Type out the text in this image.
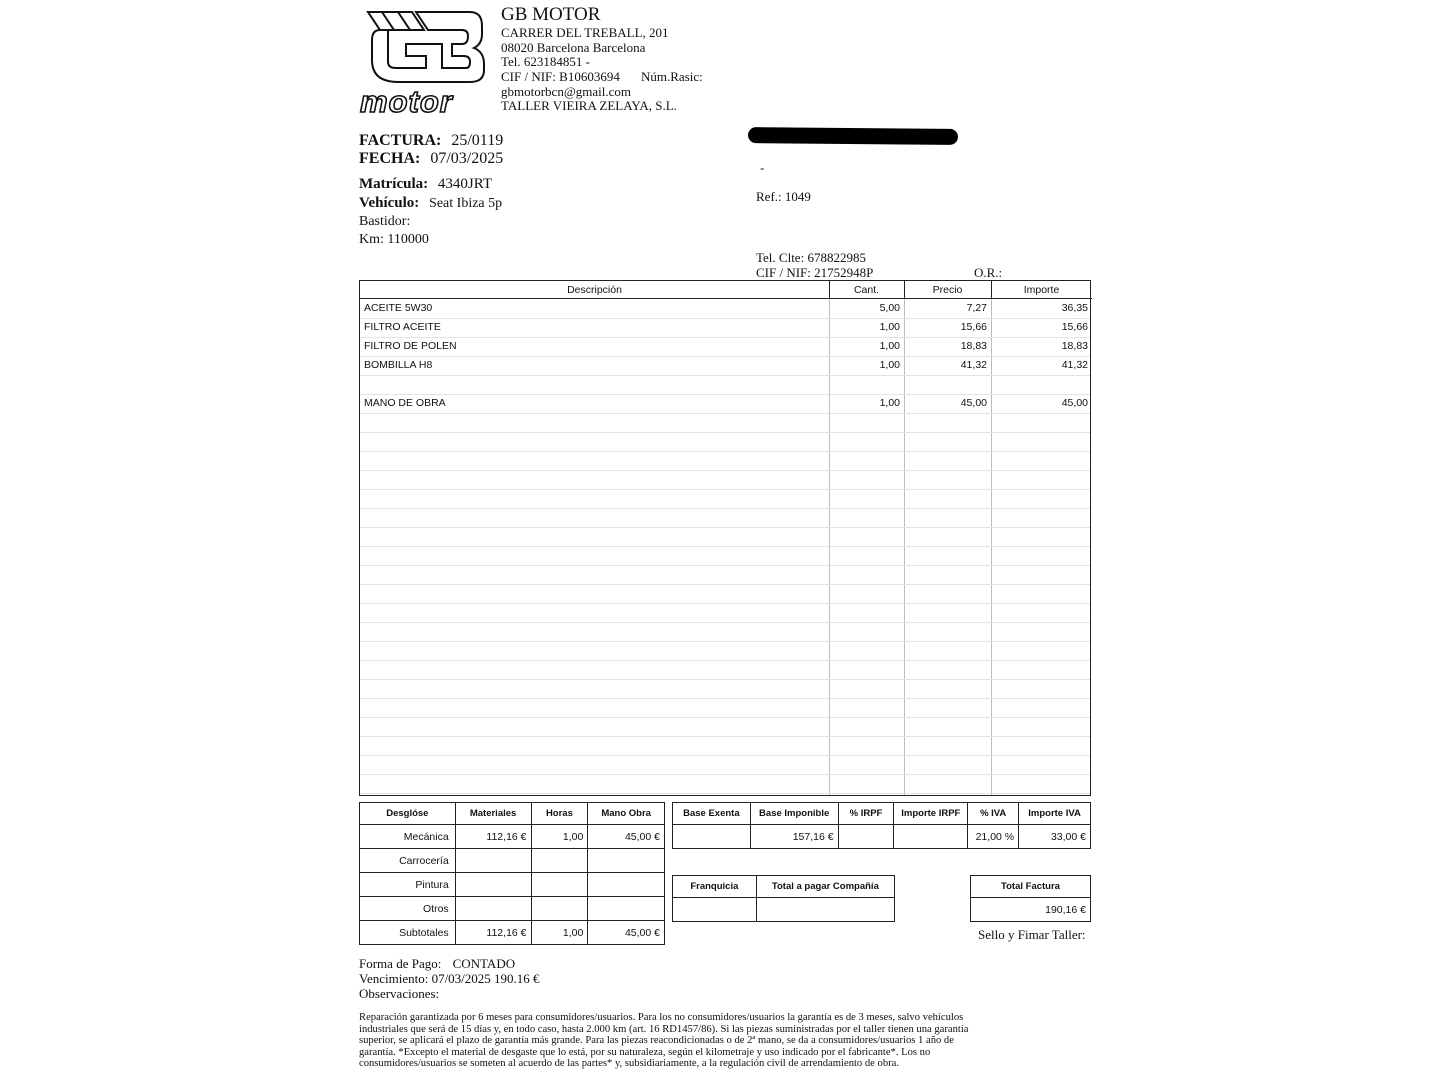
motor
GB MOTOR
CARRER DEL TREBALL, 201
08020 Barcelona Barcelona
Tel. 623184851 -
CIF / NIF: B10603694 Núm.Rasic:
gbmotorbcn@gmail.com
TALLER VIEIRA ZELAYA, S.L.
FACTURA: 25/0119
FECHA: 07/03/2025
Matrícula: 4340JRT
Vehículo: Seat Ibiza 5p
Bastidor:
Km: 110000
-
Ref.: 1049
Tel. Clte: 678822985
CIF / NIF: 21752948P	O.R.:
Descripción	Cant.	Precio	Importe
ACEITE 5W30	5,00	7,27	36,35
FILTRO ACEITE	1,00	15,66	15,66
FILTRO DE POLEN	1,00	18,83	18,83
BOMBILLA H8	1,00	41,32	41,32
MANO DE OBRA	1,00	45,00	45,00
Desglóse	Materiales	Horas	Mano Obra
Mecánica	112,16 €	1,00	45,00 €
Carrocería			
Pintura			
Otros			
Subtotales	112,16 €	1,00	45,00 €
Base Exenta	Base Imponible	% IRPF	Importe IRPF	% IVA	Importe IVA
	157,16 €			21,00 %	33,00 €
Franquicia	Total a pagar Compañía
		Total Factura
190,16 €
Sello y Fimar Taller:
Forma de Pago: CONTADO
Vencimiento: 07/03/2025 190.16 €
Observaciones:
Reparación garantizada por 6 meses para consumidores/usuarios. Para los no consumidores/usuarios la garantía es de 3 meses, salvo vehículos industriales que será de 15 días y, en todo caso, hasta 2.000 km (art. 16 RD1457/86). Si las piezas suministradas por el taller tienen una garantía superior, se aplicará el plazo de garantía más grande. Para las piezas reacondicionadas o de 2ª mano, se da a consumidores/usuarios 1 año de garantía. *Excepto el material de desgaste que lo está, por su naturaleza, según el kilometraje y uso indicado por el fabricante*. Los no consumidores/usuarios se someten al acuerdo de las partes* y, subsidiariamente, a la regulación civil de arrendamiento de obra.
